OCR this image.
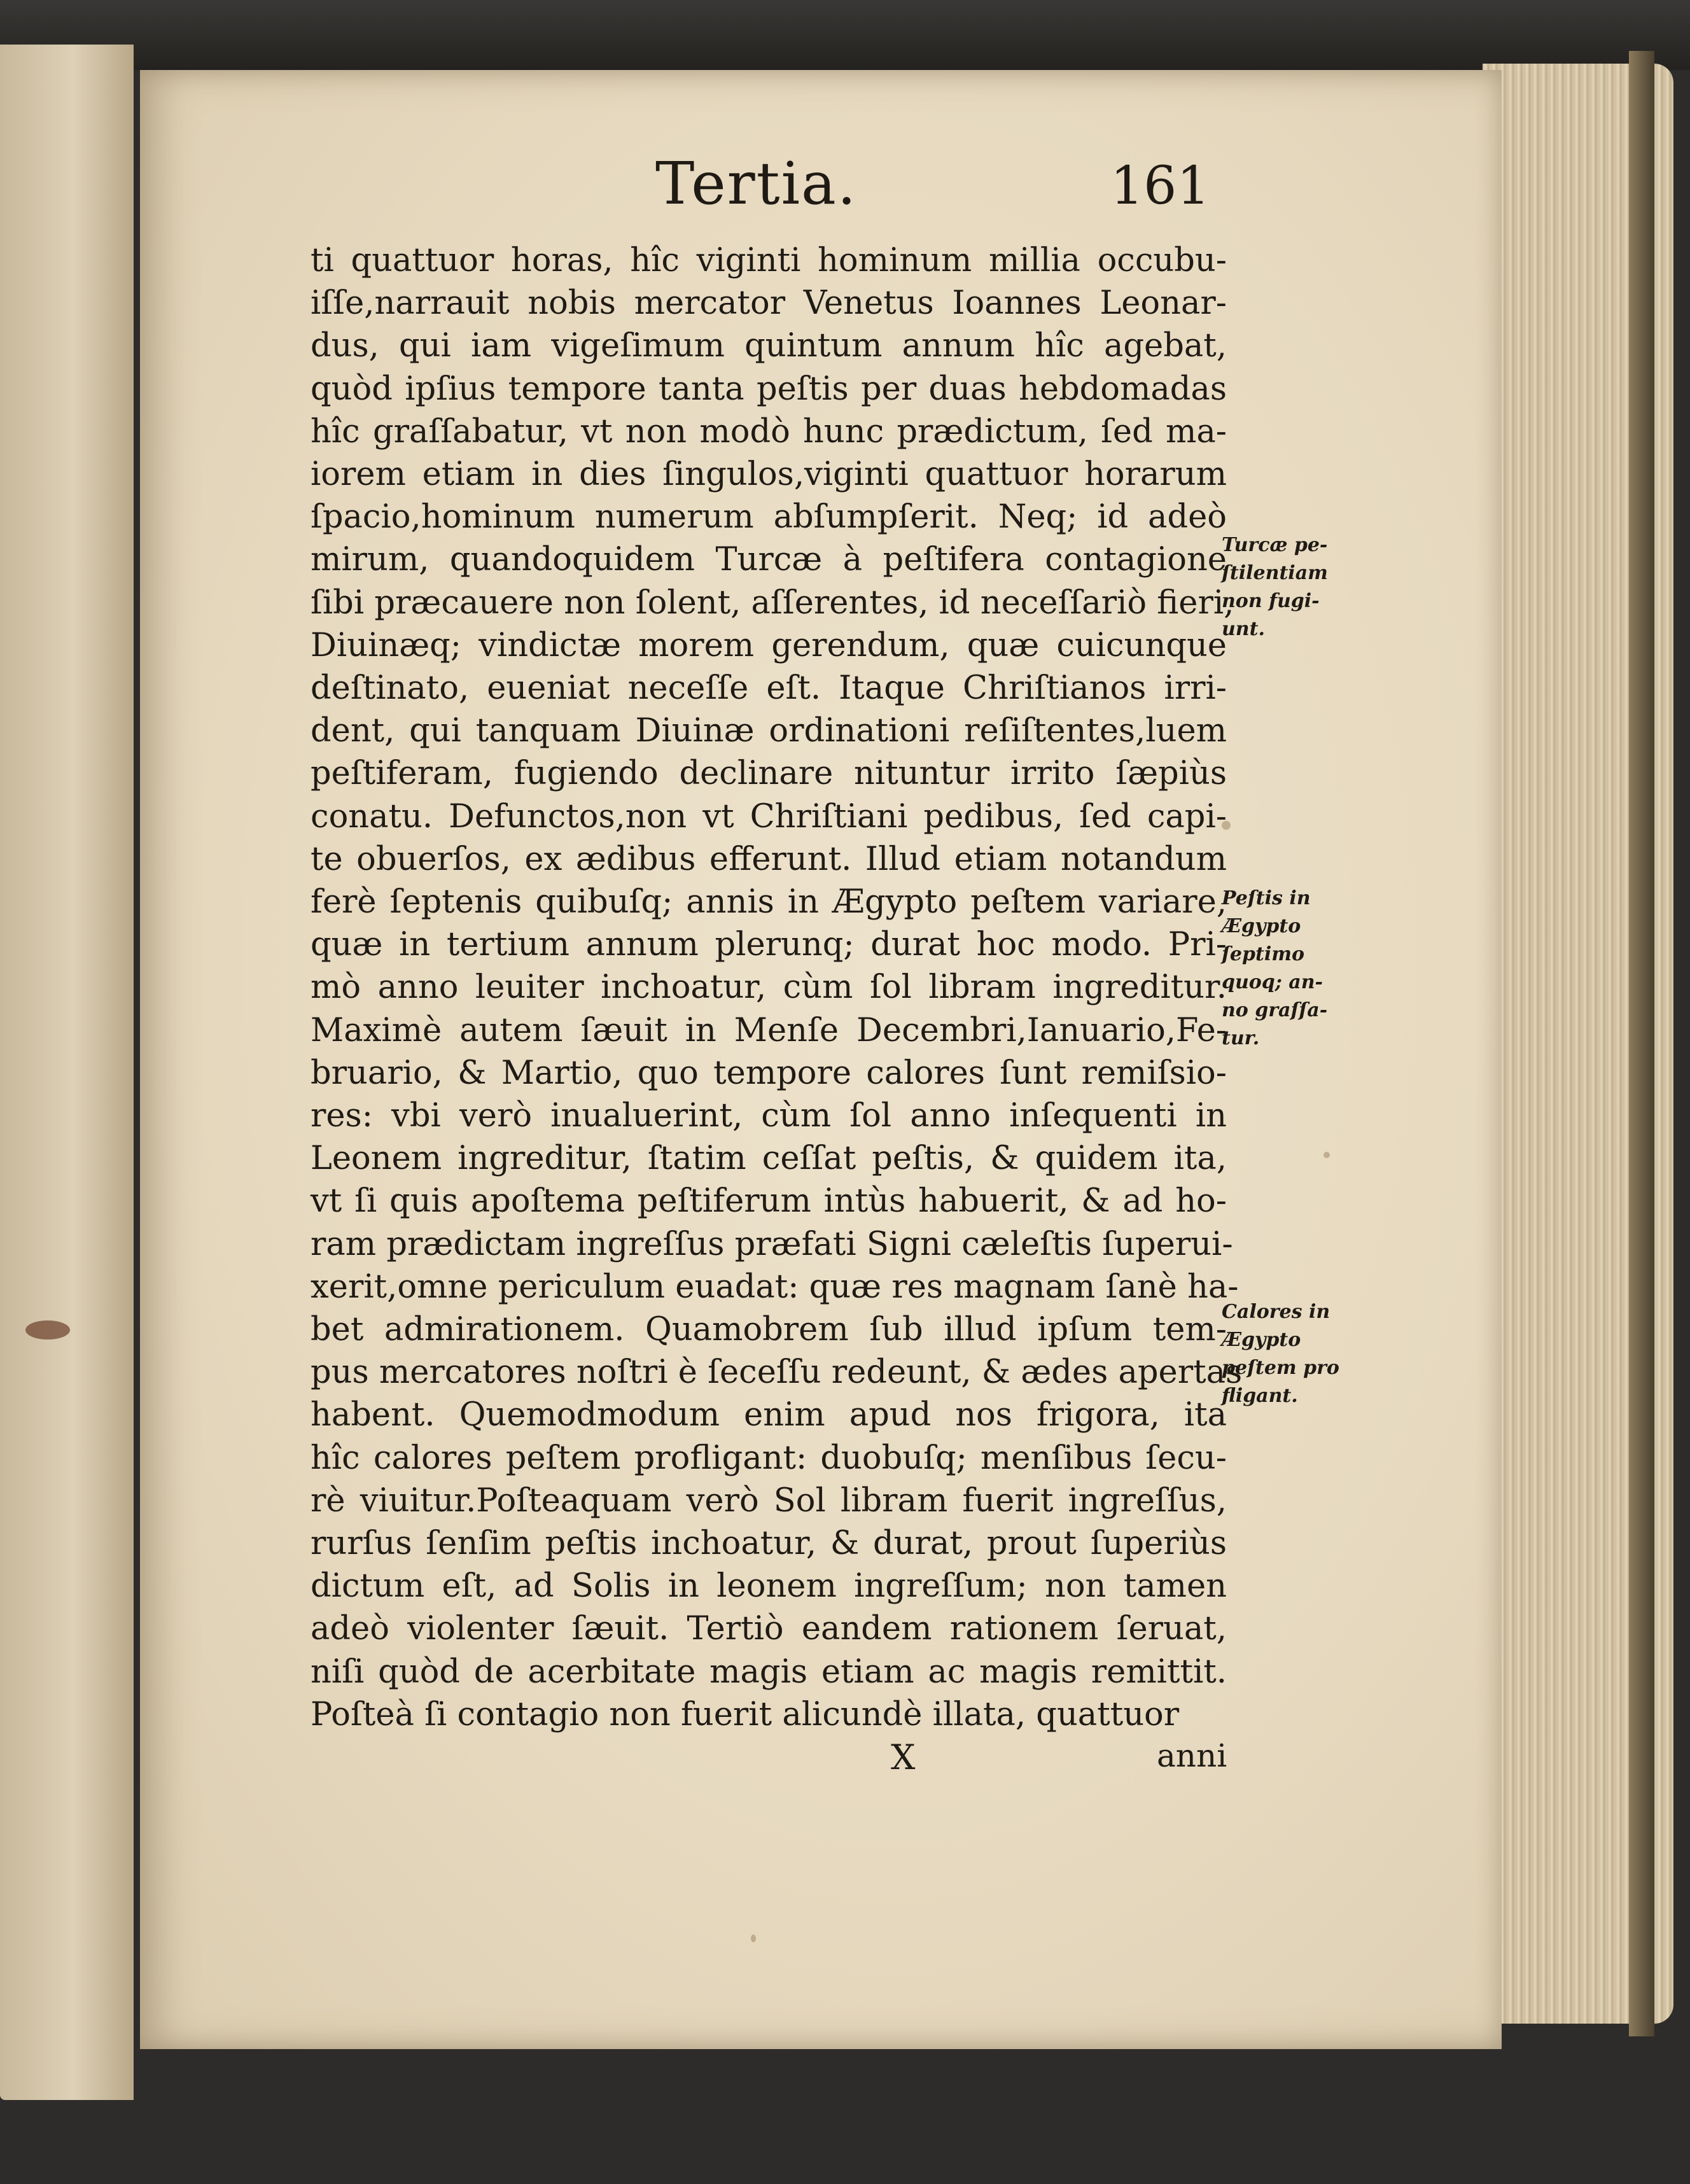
Tertia.	161
ti quattuor horas, hîc viginti hominum millia occubu-
iſſe,narrauit nobis mercator Venetus Ioannes Leonar-
dus, qui iam vigeſimum quintum annum hîc agebat,
quòd ipſius tempore tanta peſtis per duas hebdomadas
hîc graſſabatur, vt non modò hunc prædictum, ſed ma-
iorem etiam in dies ſingulos,viginti quattuor horarum
ſpacio,hominum numerum abſumpſerit. Neq; id adeò
mirum, quandoquidem Turcæ à peſtifera contagione
ſibi præcauere non ſolent, aſſerentes, id neceſſariò fieri,
Diuinæq; vindictæ morem gerendum, quæ cuicunque
deſtinato, eueniat neceſſe eſt. Itaque Chriſtianos irri-
dent, qui tanquam Diuinæ ordinationi reſiſtentes,luem
peſtiferam, fugiendo declinare nituntur irrito ſæpiùs
conatu. Defunctos,non vt Chriſtiani pedibus, ſed capi-
te obuerſos, ex ædibus efferunt. Illud etiam notandum
ferè ſeptenis quibuſq; annis in Ægypto peſtem variare,
quæ in tertium annum plerunq; durat hoc modo. Pri-
mò anno leuiter inchoatur, cùm ſol libram ingreditur.
Maximè autem ſæuit in Menſe Decembri,Ianuario,Fe-
bruario, & Martio, quo tempore calores ſunt remiſsio-
res: vbi verò inualuerint, cùm ſol anno inſequenti in
Leonem ingreditur, ſtatim ceſſat peſtis, & quidem ita,
vt ſi quis apoſtema peſtiferum intùs habuerit, & ad ho-
ram prædictam ingreſſus præfati Signi cæleſtis ſuperui-
xerit,omne periculum euadat: quæ res magnam ſanè ha-
bet admirationem. Quamobrem ſub illud ipſum tem-
pus mercatores noſtri è ſeceſſu redeunt, & ædes apertas
habent. Quemodmodum enim apud nos frigora, ita
hîc calores peſtem profligant: duobuſq; menſibus ſecu-
rè viuitur.Poſteaquam verò Sol libram fuerit ingreſſus,
rurſus ſenſim peſtis inchoatur, & durat, prout ſuperiùs
dictum eſt, ad Solis in leonem ingreſſum; non tamen
adeò violenter ſæuit. Tertiò eandem rationem ſeruat,
niſi quòd de acerbitate magis etiam ac magis remittit.
Poſteà ſi contagio non fuerit alicundè illata, quattuor
X	anni
Turcæ pe-
ſtilentiam
non fugi-
unt.
Peſtis in
Ægypto
ſeptimo
quoq; an-
no graſſa-
tur.
Calores in
Ægypto
peſtem pro
fligant.
